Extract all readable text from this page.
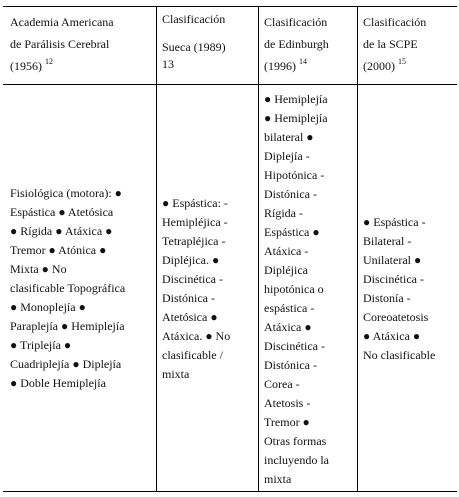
Academia Americana
de Parálisis Cerebral
(1956) $^{12}$
Clasificación
Sueca (1989)
13
Clasificación
de Edinburgh
(1996) $^{14}$
Clasificación
de la SCPE
(2000) $^{15}$
Fisiológica (motora): ●
Espástica ● Atetósica
● Rígida ● Atáxica ●
Tremor ● Atónica ●
Mixta ● No
clasificable Topográfica
● Monoplejía ●
Paraplejía ● Hemiplejía
● Triplejía ●
Cuadriplejía ● Diplejía
● Doble Hemiplejía
● Espástica: -
Hemipléjica -
Tetrapléjica -
Dipléjica. ●
Discinética -
Distónica -
Atetósica ●
Atáxica. ● No
clasificable /
mixta
● Hemiplejía
● Hemiplejía
bilateral ●
Diplejía -
Hipotónica -
Distónica -
Rígida -
Espástica ●
Atáxica -
Dipléjica
hipotónica o
espástica -
Atáxica ●
Discinética -
Distónica -
Corea -
Atetosis -
Tremor ●
Otras formas
incluyendo la
mixta
● Espástica -
Bilateral -
Unilateral ●
Discinética -
Distonía -
Coreoatetosis
● Atáxica ●
No clasificable
